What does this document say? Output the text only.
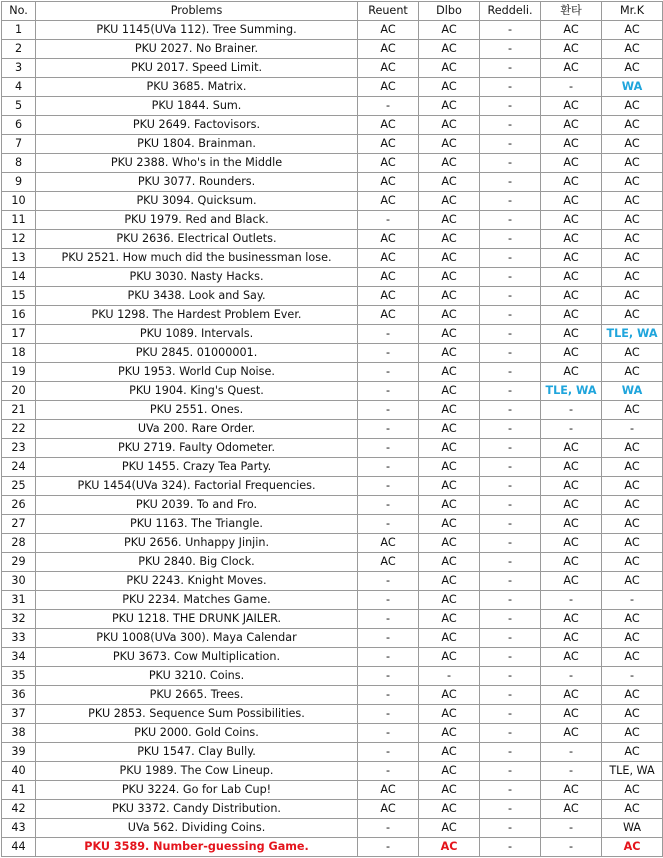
No.	Problems	Reuent	Dlbo	Reddeli.	환타	Mr.K
1	PKU 1145(UVa 112). Tree Summing.	AC	AC	-	AC	AC
2	PKU 2027. No Brainer.	AC	AC	-	AC	AC
3	PKU 2017. Speed Limit.	AC	AC	-	AC	AC
4	PKU 3685. Matrix.	AC	AC	-	-	WA
5	PKU 1844. Sum.	-	AC	-	AC	AC
6	PKU 2649. Factovisors.	AC	AC	-	AC	AC
7	PKU 1804. Brainman.	AC	AC	-	AC	AC
8	PKU 2388. Who's in the Middle	AC	AC	-	AC	AC
9	PKU 3077. Rounders.	AC	AC	-	AC	AC
10	PKU 3094. Quicksum.	AC	AC	-	AC	AC
11	PKU 1979. Red and Black.	-	AC	-	AC	AC
12	PKU 2636. Electrical Outlets.	AC	AC	-	AC	AC
13	PKU 2521. How much did the businessman lose.	AC	AC	-	AC	AC
14	PKU 3030. Nasty Hacks.	AC	AC	-	AC	AC
15	PKU 3438. Look and Say.	AC	AC	-	AC	AC
16	PKU 1298. The Hardest Problem Ever.	AC	AC	-	AC	AC
17	PKU 1089. Intervals.	-	AC	-	AC	TLE, WA
18	PKU 2845. 01000001.	-	AC	-	AC	AC
19	PKU 1953. World Cup Noise.	-	AC	-	AC	AC
20	PKU 1904. King's Quest.	-	AC	-	TLE, WA	WA
21	PKU 2551. Ones.	-	AC	-	-	AC
22	UVa 200. Rare Order.	-	AC	-	-	-
23	PKU 2719. Faulty Odometer.	-	AC	-	AC	AC
24	PKU 1455. Crazy Tea Party.	-	AC	-	AC	AC
25	PKU 1454(UVa 324). Factorial Frequencies.	-	AC	-	AC	AC
26	PKU 2039. To and Fro.	-	AC	-	AC	AC
27	PKU 1163. The Triangle.	-	AC	-	AC	AC
28	PKU 2656. Unhappy Jinjin.	AC	AC	-	AC	AC
29	PKU 2840. Big Clock.	AC	AC	-	AC	AC
30	PKU 2243. Knight Moves.	-	AC	-	AC	AC
31	PKU 2234. Matches Game.	-	AC	-	-	-
32	PKU 1218. THE DRUNK JAILER.	-	AC	-	AC	AC
33	PKU 1008(UVa 300). Maya Calendar	-	AC	-	AC	AC
34	PKU 3673. Cow Multiplication.	-	AC	-	AC	AC
35	PKU 3210. Coins.	-	-	-	-	-
36	PKU 2665. Trees.	-	AC	-	AC	AC
37	PKU 2853. Sequence Sum Possibilities.	-	AC	-	AC	AC
38	PKU 2000. Gold Coins.	-	AC	-	AC	AC
39	PKU 1547. Clay Bully.	-	AC	-	-	AC
40	PKU 1989. The Cow Lineup.	-	AC	-	-	TLE, WA
41	PKU 3224. Go for Lab Cup!	AC	AC	-	AC	AC
42	PKU 3372. Candy Distribution.	AC	AC	-	AC	AC
43	UVa 562. Dividing Coins.	-	AC	-	-	WA
44	PKU 3589. Number-guessing Game.	-	AC	-	-	AC
